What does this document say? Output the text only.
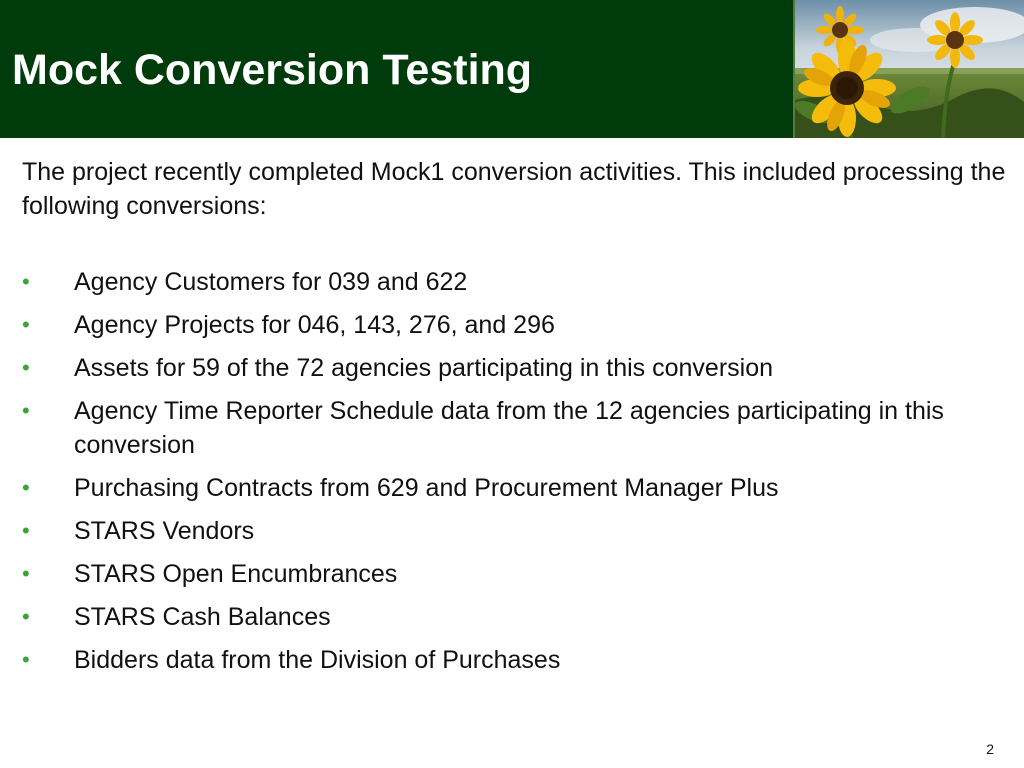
Mock Conversion Testing

The project recently completed Mock1 conversion activities. This included processing the following conversions:

• Agency Customers for 039 and 622
• Agency Projects for 046, 143, 276, and 296
• Assets for 59 of the 72 agencies participating in this conversion
• Agency Time Reporter Schedule data from the 12 agencies participating in this conversion
• Purchasing Contracts from 629 and Procurement Manager Plus
• STARS Vendors
• STARS Open Encumbrances
• STARS Cash Balances
• Bidders data from the Division of Purchases
2
